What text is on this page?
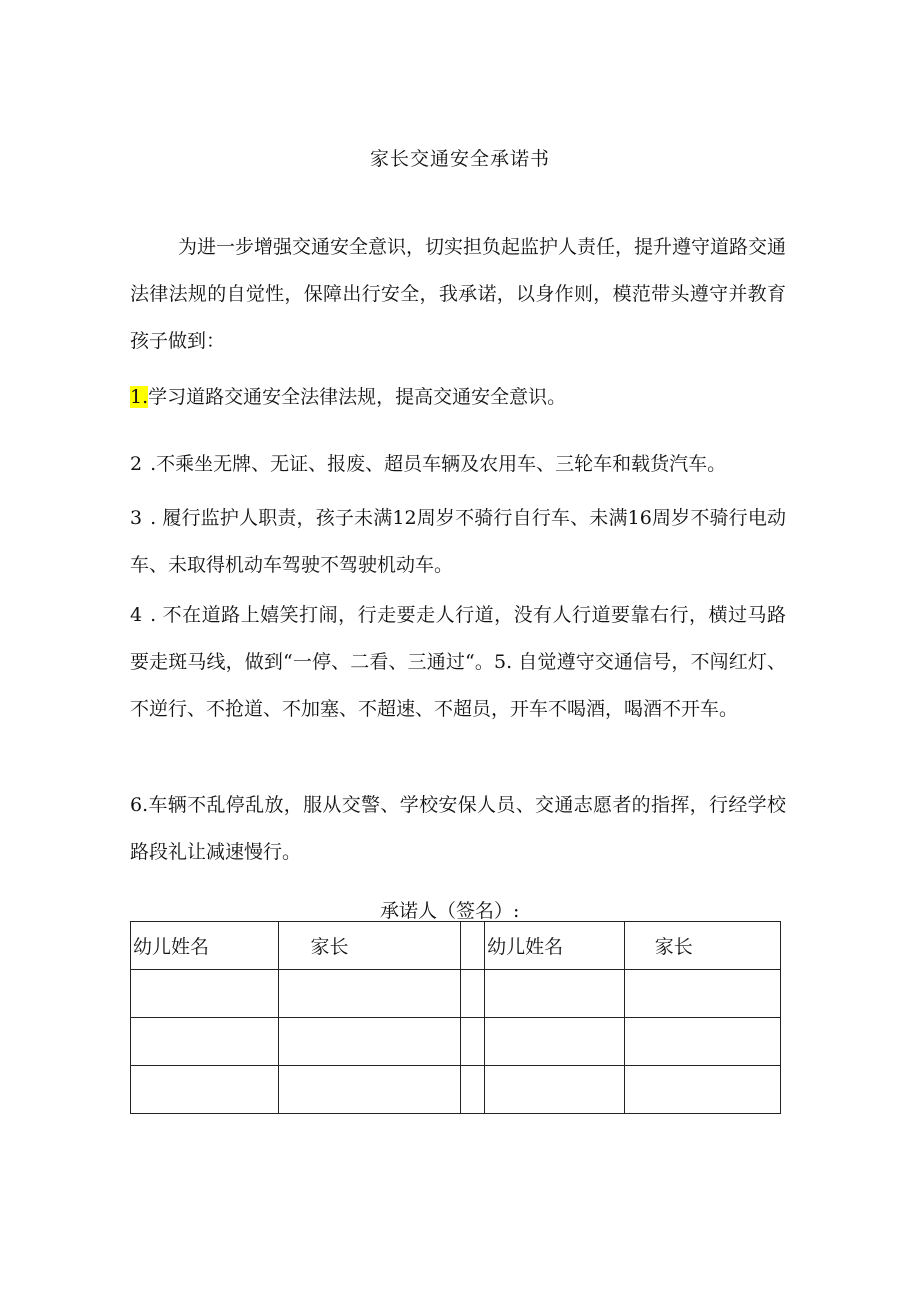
家长交通安全承诺书
为进一步增强交通安全意识，切实担负起监护人责任，提升遵守道路交通法律法规的自觉性，保障出行安全，我承诺，以身作则，模范带头遵守并教育孩子做到：
1.学习道路交通安全法律法规，提高交通安全意识。
2 .不乘坐无牌、无证、报废、超员车辆及农用车、三轮车和载货汽车。
3 . 履行监护人职责，孩子未满12周岁不骑行自行车、未满16周岁不骑行电动车、未取得机动车驾驶不驾驶机动车。
4 . 不在道路上嬉笑打闹，行走要走人行道，没有人行道要靠右行，横过马路要走斑马线，做到“一停、二看、三通过“。5. 自觉遵守交通信号，不闯红灯、不逆行、不抢道、不加塞、不超速、不超员，开车不喝酒，喝酒不开车。
6.车辆不乱停乱放，服从交警、学校安保人员、交通志愿者的指挥，行经学校路段礼让减速慢行。
承诺人（签名）:
幼儿姓名	家长		幼儿姓名	家长
